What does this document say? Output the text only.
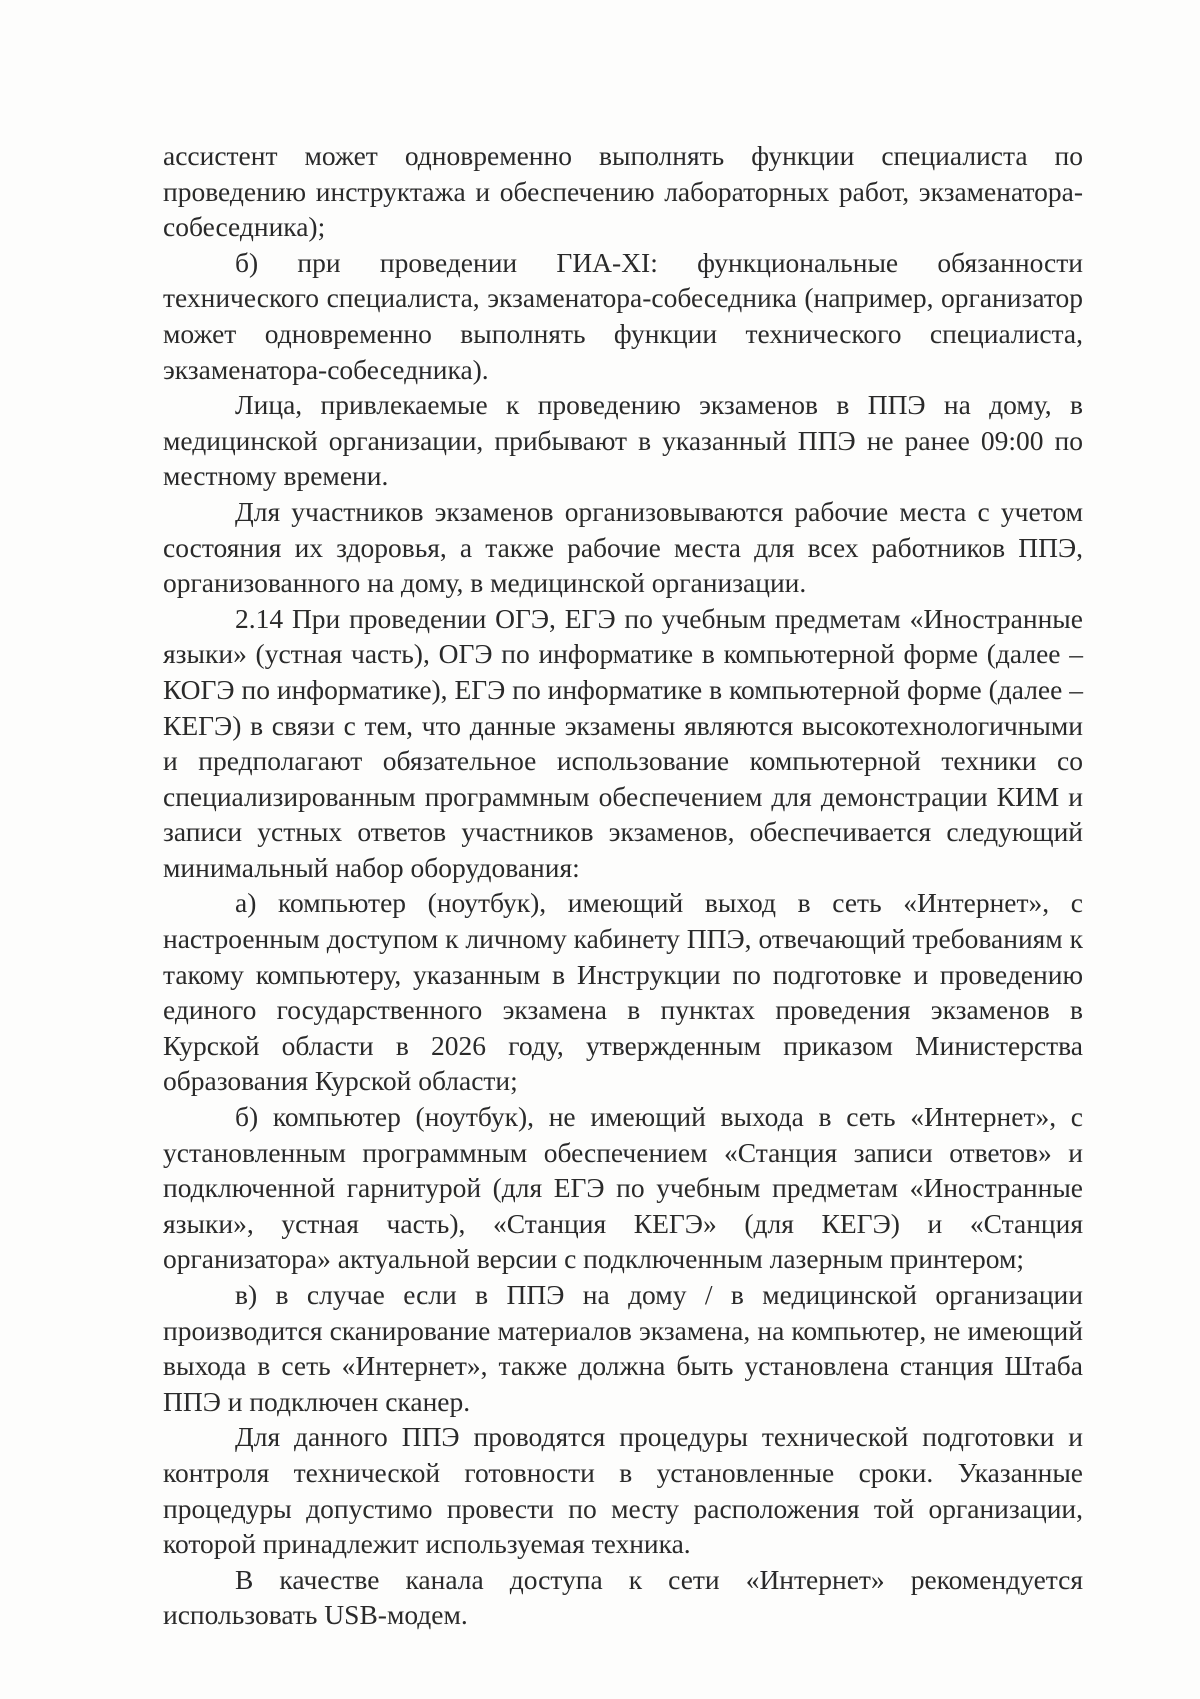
ассистент может одновременно выполнять функции специалиста по проведению инструктажа и обеспечению лабораторных работ, экзаменатора-собеседника);

б) при проведении ГИА-XI: функциональные обязанности технического специалиста, экзаменатора-собеседника (например, организатор может одновременно выполнять функции технического специалиста, экзаменатора-собеседника).

Лица, привлекаемые к проведению экзаменов в ППЭ на дому, в медицинской организации, прибывают в указанный ППЭ не ранее 09:00 по местному времени.

Для участников экзаменов организовываются рабочие места с учетом состояния их здоровья, а также рабочие места для всех работников ППЭ, организованного на дому, в медицинской организации.

2.14 При проведении ОГЭ, ЕГЭ по учебным предметам «Иностранные языки» (устная часть), ОГЭ по информатике в компьютерной форме (далее – КОГЭ по информатике), ЕГЭ по информатике в компьютерной форме (далее – КЕГЭ) в связи с тем, что данные экзамены являются высокотехнологичными и предполагают обязательное использование компьютерной техники со специализированным программным обеспечением для демонстрации КИМ и записи устных ответов участников экзаменов, обеспечивается следующий минимальный набор оборудования:

а) компьютер (ноутбук), имеющий выход в сеть «Интернет», с настроенным доступом к личному кабинету ППЭ, отвечающий требованиям к такому компьютеру, указанным в Инструкции по подготовке и проведению единого государственного экзамена в пунктах проведения экзаменов в Курской области в 2026 году, утвержденным приказом Министерства образования Курской области;

б) компьютер (ноутбук), не имеющий выхода в сеть «Интернет», с установленным программным обеспечением «Станция записи ответов» и подключенной гарнитурой (для ЕГЭ по учебным предметам «Иностранные языки», устная часть), «Станция КЕГЭ» (для КЕГЭ) и «Станция организатора» актуальной версии с подключенным лазерным принтером;

в) в случае если в ППЭ на дому / в медицинской организации производится сканирование материалов экзамена, на компьютер, не имеющий выхода в сеть «Интернет», также должна быть установлена станция Штаба ППЭ и подключен сканер.

Для данного ППЭ проводятся процедуры технической подготовки и контроля технической готовности в установленные сроки. Указанные процедуры допустимо провести по месту расположения той организации, которой принадлежит используемая техника.

В качестве канала доступа к сети «Интернет» рекомендуется использовать USB-модем.
